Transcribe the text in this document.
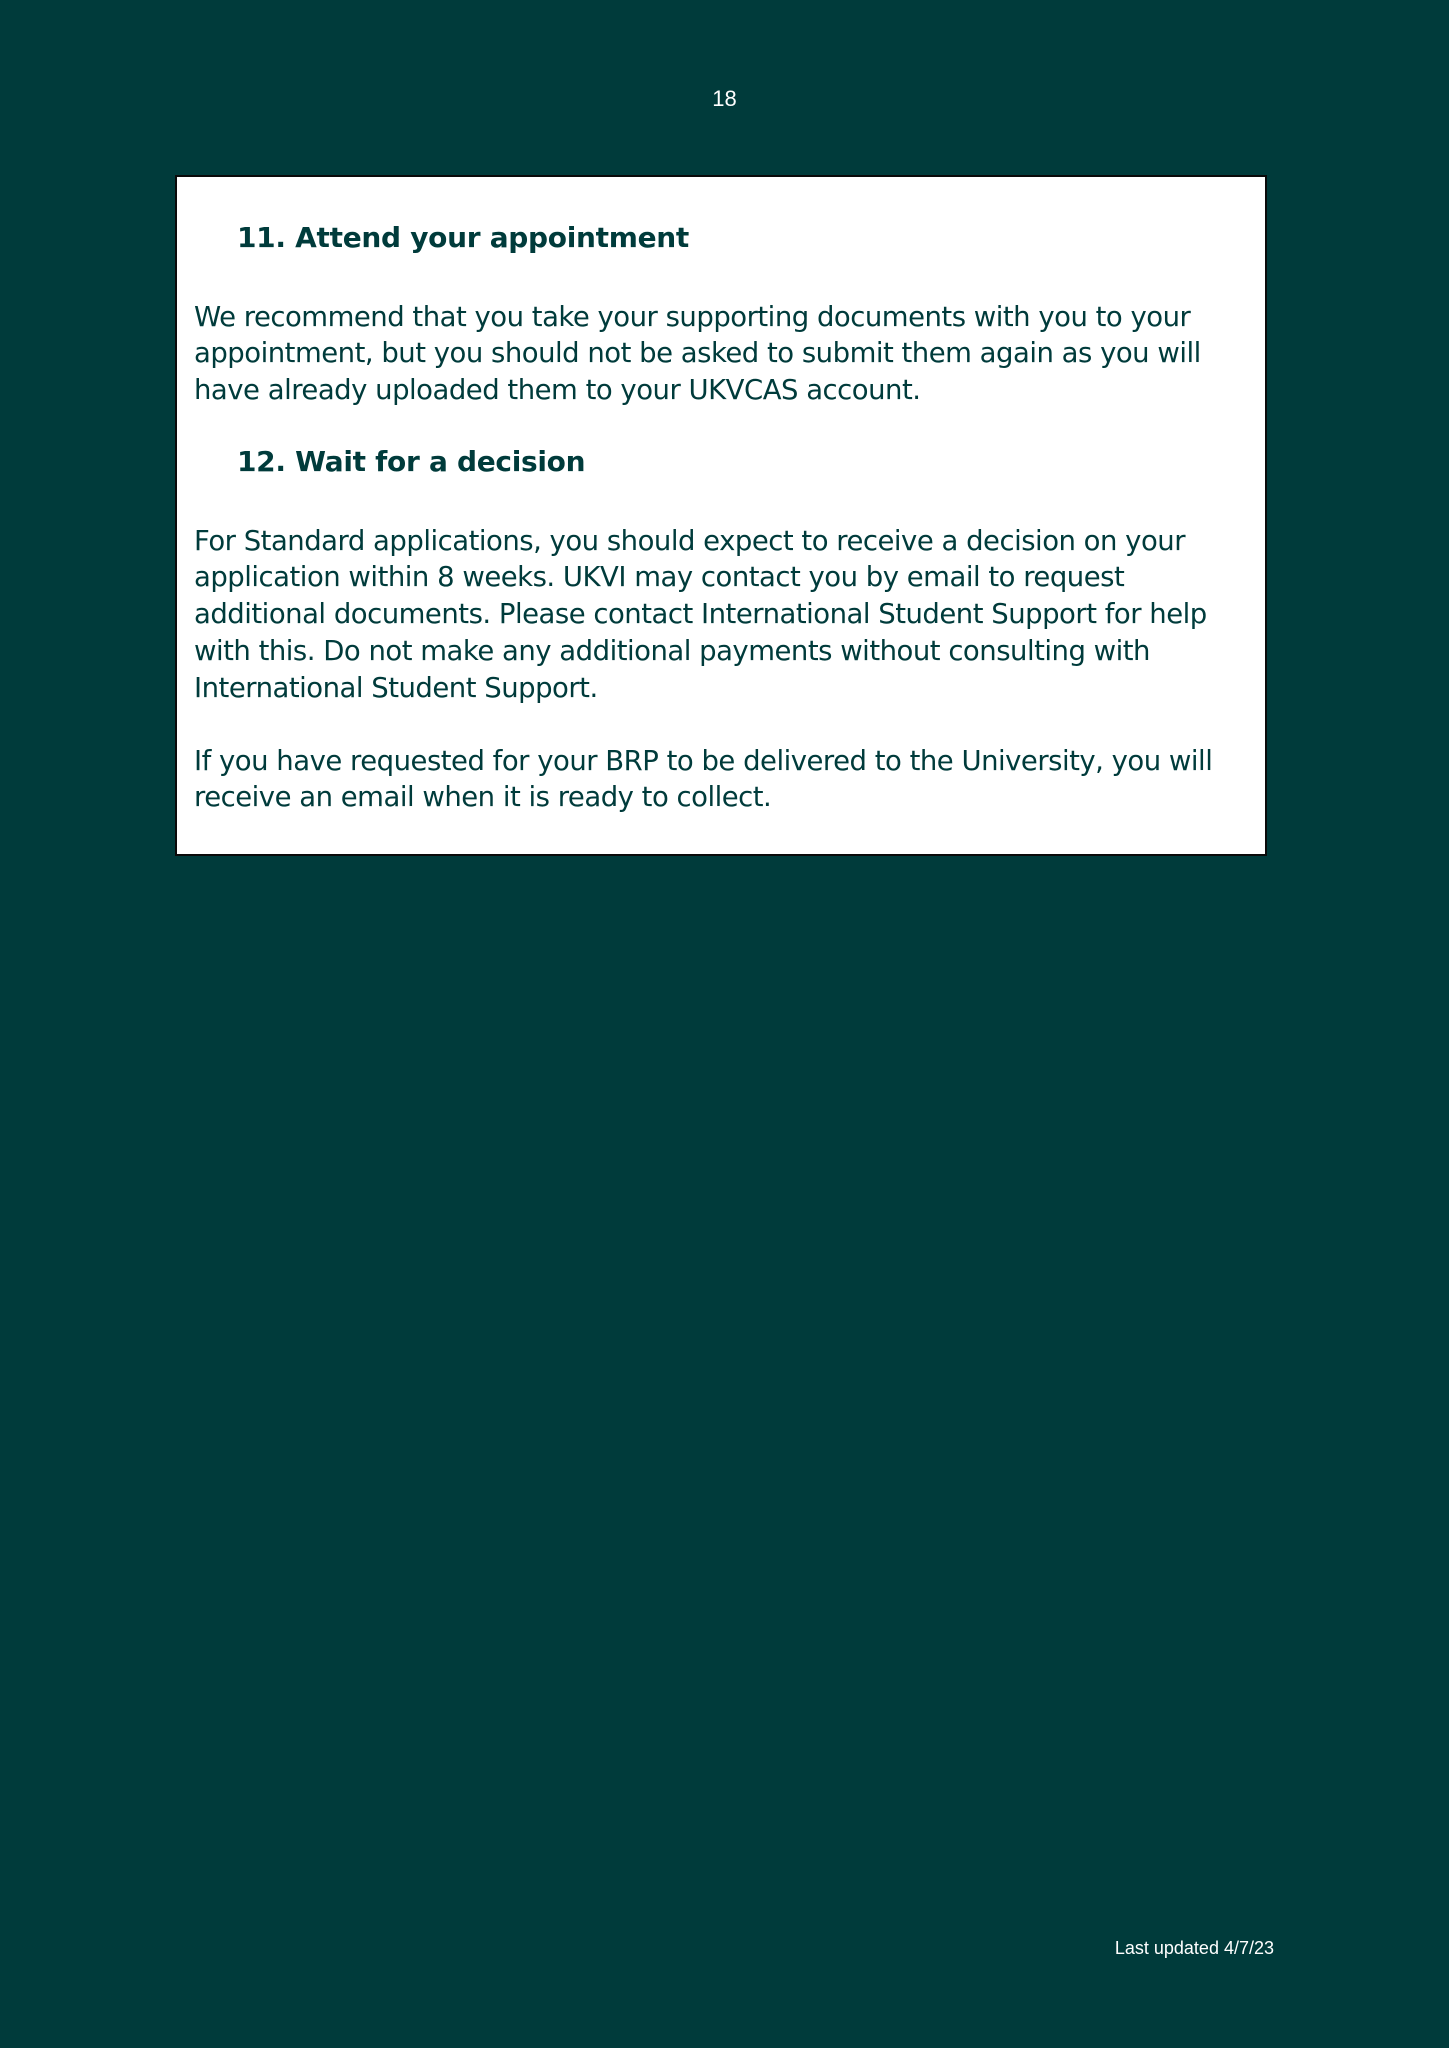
18
11. Attend your appointment

We recommend that you take your supporting documents with you to your appointment, but you should not be asked to submit them again as you will have already uploaded them to your UKVCAS account.

12. Wait for a decision

For Standard applications, you should expect to receive a decision on your application within 8 weeks. UKVI may contact you by email to request additional documents. Please contact International Student Support for help with this. Do not make any additional payments without consulting with International Student Support.

If you have requested for your BRP to be delivered to the University, you will receive an email when it is ready to collect.

Last updated 4/7/23
